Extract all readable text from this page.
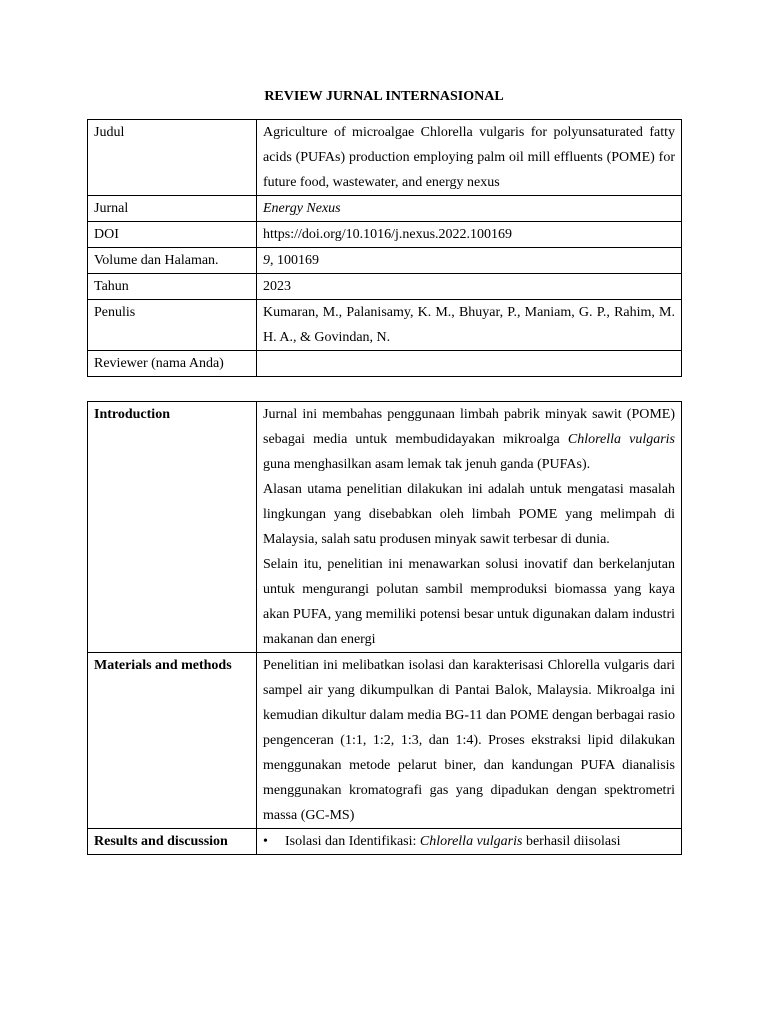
REVIEW JURNAL INTERNASIONAL
Judul	Agriculture of microalgae Chlorella vulgaris for polyunsaturated fatty acids (PUFAs) production employing palm oil mill effluents (POME) for future food, wastewater, and energy nexus
Jurnal	Energy Nexus
DOI	https://doi.org/10.1016/j.nexus.2022.100169
Volume dan Halaman.	9, 100169
Tahun	2023
Penulis	Kumaran, M., Palanisamy, K. M., Bhuyar, P., Maniam, G. P., Rahim, M. H. A., & Govindan, N.
Reviewer (nama Anda)	
Introduction	Jurnal ini membahas penggunaan limbah pabrik minyak sawit (POME) sebagai media untuk membudidayakan mikroalga Chlorella vulgaris guna menghasilkan asam lemak tak jenuh ganda (PUFAs).

Alasan utama penelitian dilakukan ini adalah untuk mengatasi masalah lingkungan yang disebabkan oleh limbah POME yang melimpah di Malaysia, salah satu produsen minyak sawit terbesar di dunia.

Selain itu, penelitian ini menawarkan solusi inovatif dan berkelanjutan untuk mengurangi polutan sambil memproduksi biomassa yang kaya akan PUFA, yang memiliki potensi besar untuk digunakan dalam industri makanan dan energi

Materials and methods	Penelitian ini melibatkan isolasi dan karakterisasi Chlorella vulgaris dari sampel air yang dikumpulkan di Pantai Balok, Malaysia. Mikroalga ini kemudian dikultur dalam media BG-11 dan POME dengan berbagai rasio pengenceran (1:1, 1:2, 1:3, dan 1:4). Proses ekstraksi lipid dilakukan menggunakan metode pelarut biner, dan kandungan PUFA dianalisis menggunakan kromatografi gas yang dipadukan dengan spektrometri massa (GC-MS)
Results and discussion	• Isolasi dan Identifikasi: Chlorella vulgaris berhasil diisolasi
